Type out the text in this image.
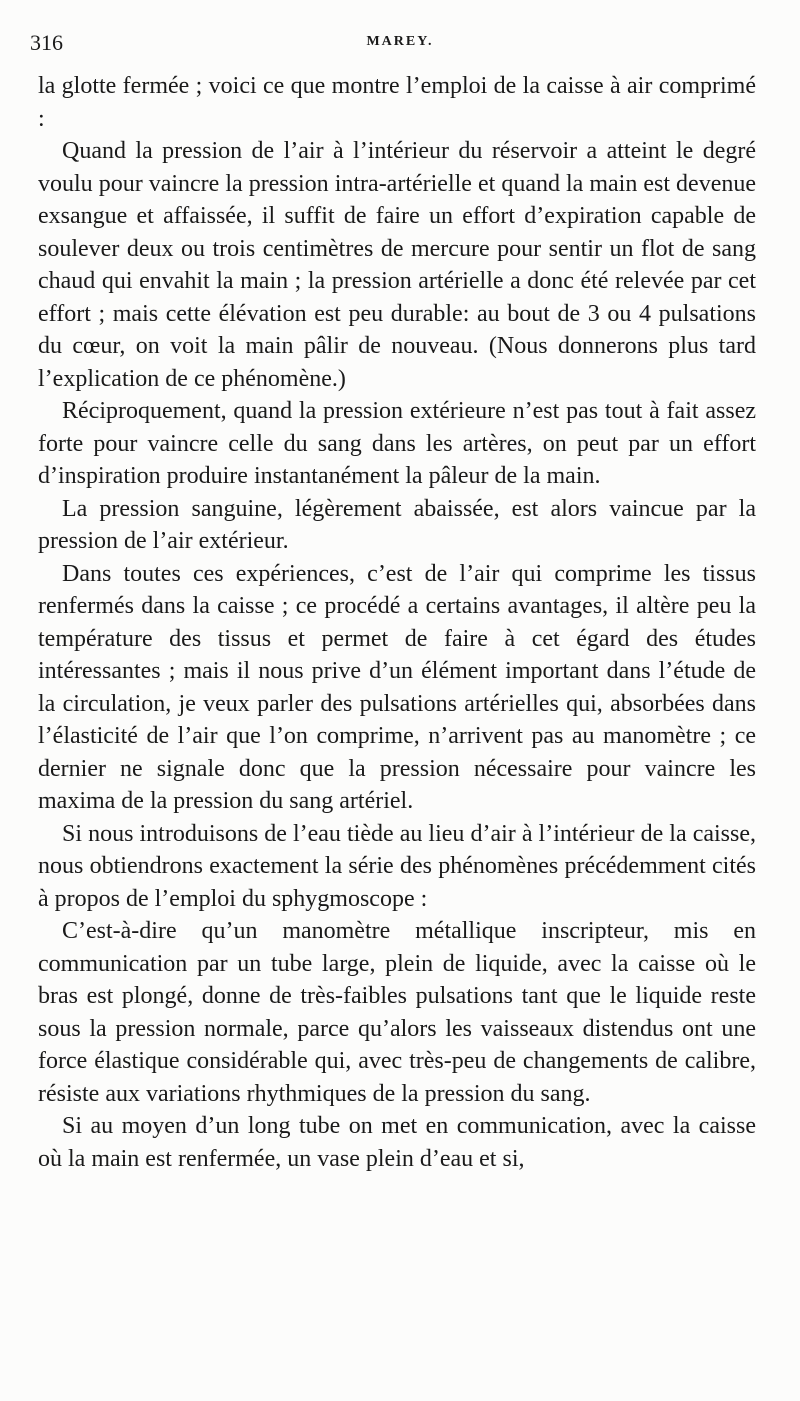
316	MAREY.

la glotte fermée ; voici ce que montre l’emploi de la caisse à air comprimé :

Quand la pression de l’air à l’intérieur du réservoir a atteint le degré voulu pour vaincre la pression intra-artérielle et quand la main est devenue exsangue et affaissée, il suffit de faire un effort d’expiration capable de soulever deux ou trois centimètres de mercure pour sentir un flot de sang chaud qui envahit la main ; la pression artérielle a donc été relevée par cet effort ; mais cette élévation est peu durable: au bout de 3 ou 4 pulsations du cœur, on voit la main pâlir de nouveau. (Nous donnerons plus tard l’explication de ce phénomène.)

Réciproquement, quand la pression extérieure n’est pas tout à fait assez forte pour vaincre celle du sang dans les artères, on peut par un effort d’inspiration produire instantanément la pâleur de la main.

La pression sanguine, légèrement abaissée, est alors vaincue par la pression de l’air extérieur.

Dans toutes ces expériences, c’est de l’air qui comprime les tissus renfermés dans la caisse ; ce procédé a certains avantages, il altère peu la température des tissus et permet de faire à cet égard des études intéressantes ; mais il nous prive d’un élément important dans l’étude de la circulation, je veux parler des pulsations artérielles qui, absorbées dans l’élasticité de l’air que l’on comprime, n’arrivent pas au manomètre ; ce dernier ne signale donc que la pression nécessaire pour vaincre les maxima de la pression du sang artériel.

Si nous introduisons de l’eau tiède au lieu d’air à l’intérieur de la caisse, nous obtiendrons exactement la série des phénomènes précédemment cités à propos de l’emploi du sphygmoscope :

C’est-à-dire qu’un manomètre métallique inscripteur, mis en communication par un tube large, plein de liquide, avec la caisse où le bras est plongé, donne de très-faibles pulsations tant que le liquide reste sous la pression normale, parce qu’alors les vaisseaux distendus ont une force élastique considérable qui, avec très-peu de changements de calibre, résiste aux variations rhythmiques de la pression du sang.

Si au moyen d’un long tube on met en communication, avec la caisse où la main est renfermée, un vase plein d’eau et si,
